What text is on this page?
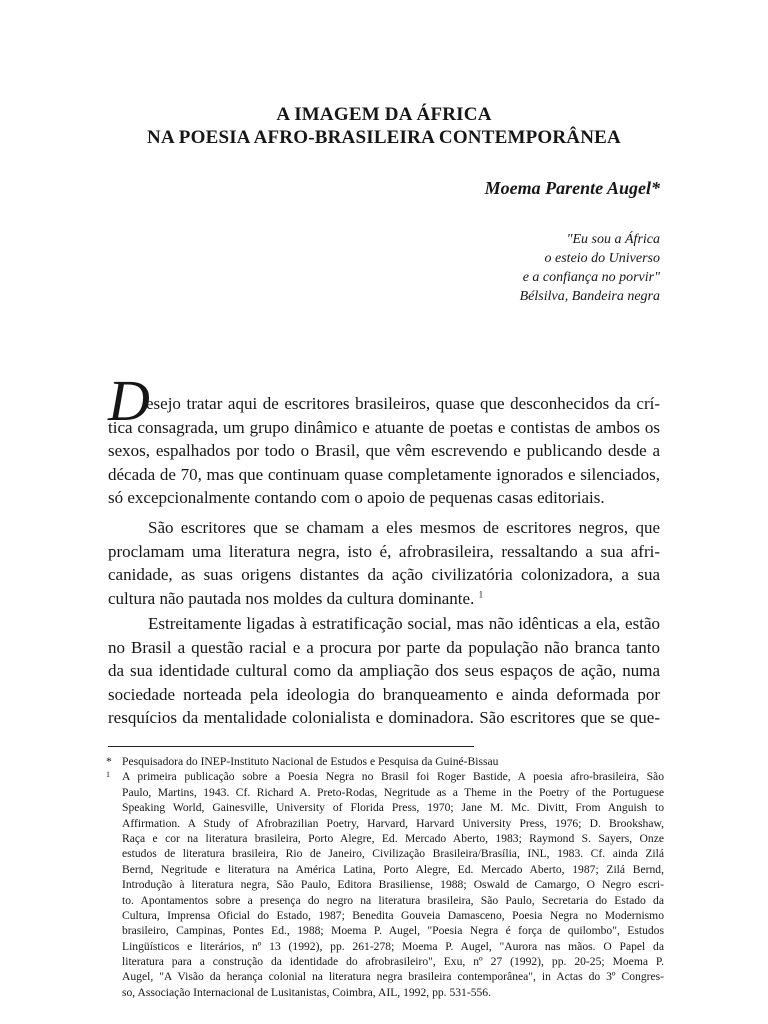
A IMAGEM DA ÁFRICA
NA POESIA AFRO-BRASILEIRA CONTEMPORÂNEA
Moema Parente Augel*
"Eu sou a África
o esteio do Universo
e a confiança no porvir"
Bélsilva, Bandeira negra
D
esejo tratar aqui de escritores brasileiros, quase que desconhecidos da crí-
tica consagrada, um grupo dinâmico e atuante de poetas e contistas de ambos os
sexos, espalhados por todo o Brasil, que vêm escrevendo e publicando desde a
década de 70, mas que continuam quase completamente ignorados e silenciados,
só excepcionalmente contando com o apoio de pequenas casas editoriais.
São escritores que se chamam a eles mesmos de escritores negros, que
proclamam uma literatura negra, isto é, afrobrasileira, ressaltando a sua afri-
canidade, as suas origens distantes da ação civilizatória colonizadora, a sua
cultura não pautada nos moldes da cultura dominante. $^1$
Estreitamente ligadas à estratificação social, mas não idênticas a ela, estão
no Brasil a questão racial e a procura por parte da população não branca tanto
da sua identidade cultural como da ampliação dos seus espaços de ação, numa
sociedade norteada pela ideologia do branqueamento e ainda deformada por
resquícios da mentalidade colonialista e dominadora. São escritores que se que-
* Pesquisadora do INEP-Instituto Nacional de Estudos e Pesquisa da Guiné-Bissau
1 A primeira publicação sobre a Poesia Negra no Brasil foi Roger Bastide, A poesia afro-brasileira, São
Paulo, Martins, 1943. Cf. Richard A. Preto-Rodas, Negritude as a Theme in the Poetry of the Portuguese
Speaking World, Gainesville, University of Florida Press, 1970; Jane M. Mc. Divitt, From Anguish to
Affirmation. A Study of Afrobrazilian Poetry, Harvard, Harvard University Press, 1976; D. Brookshaw,
Raça e cor na literatura brasileira, Porto Alegre, Ed. Mercado Aberto, 1983; Raymond S. Sayers, Onze
estudos de literatura brasileira, Rio de Janeiro, Civilização Brasileira/Brasília, INL, 1983. Cf. ainda Zilá
Bernd, Negritude e literatura na América Latina, Porto Alegre, Ed. Mercado Aberto, 1987; Zilá Bernd,
Introdução à literatura negra, São Paulo, Editora Brasiliense, 1988; Oswald de Camargo, O Negro escri-
to. Apontamentos sobre a presença do negro na literatura brasileira, São Paulo, Secretaria do Estado da
Cultura, Imprensa Oficial do Estado, 1987; Benedita Gouveia Damasceno, Poesia Negra no Modernismo
brasileiro, Campinas, Pontes Ed., 1988; Moema P. Augel, "Poesia Negra é força de quilombo", Estudos
Lingüísticos e literários, nº 13 (1992), pp. 261-278; Moema P. Augel, "Aurora nas mãos. O Papel da
literatura para a construção da identidade do afrobrasileiro", Exu, nº 27 (1992), pp. 20-25; Moema P.
Augel, "A Visão da herança colonial na literatura negra brasileira contemporânea", in Actas do 3º Congres-
so, Associação Internacional de Lusitanistas, Coimbra, AIL, 1992, pp. 531-556.
